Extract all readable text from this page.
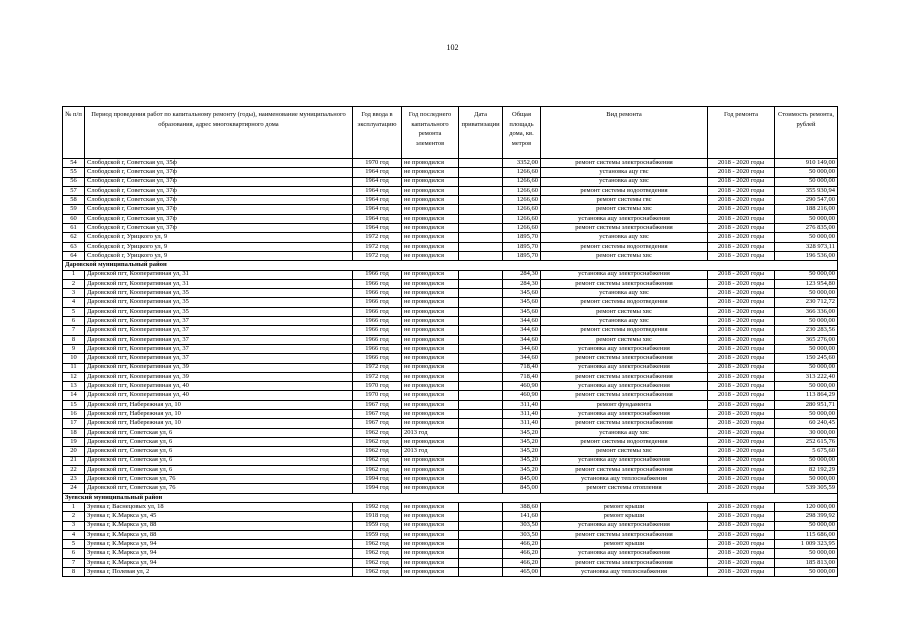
102
№ п/п	Период проведения работ по капитальному ремонту (годы), наименование муниципального образования, адрес многоквартирного дома	Год ввода в эксплуатацию	Год последнего капитального ремонта элементов	Дата приватизации	Общая площадь дома, кв. метров	Вид ремонта	Год ремонта	Стоимость ремонта, рублей
54	Слободской г, Советская ул, 35ф	1970 год	не проводился		3352,00	ремонт системы электроснабжения	2018 - 2020 годы	910 149,00
55	Слободской г, Советская ул, 37ф	1964 год	не проводился		1266,60	установка ацу гвс	2018 - 2020 годы	50 000,00
56	Слободской г, Советская ул, 37ф	1964 год	не проводился		1266,60	установка ацу хвс	2018 - 2020 годы	50 000,00
57	Слободской г, Советская ул, 37ф	1964 год	не проводился		1266,60	ремонт системы водоотведения	2018 - 2020 годы	355 930,94
58	Слободской г, Советская ул, 37ф	1964 год	не проводился		1266,60	ремонт системы гвс	2018 - 2020 годы	290 547,00
59	Слободской г, Советская ул, 37ф	1964 год	не проводился		1266,60	ремонт системы хвс	2018 - 2020 годы	188 216,00
60	Слободской г, Советская ул, 37ф	1964 год	не проводился		1266,60	установка ацу электроснабжения	2018 - 2020 годы	50 000,00
61	Слободской г, Советская ул, 37ф	1964 год	не проводился		1266,60	ремонт системы электроснабжения	2018 - 2020 годы	276 835,00
62	Слободской г, Урицкого ул, 9	1972 год	не проводился		1895,70	установка ацу хвс	2018 - 2020 годы	50 000,00
63	Слободской г, Урицкого ул, 9	1972 год	не проводился		1895,70	ремонт системы водоотведения	2018 - 2020 годы	328 973,11
64	Слободской г, Урицкого ул, 9	1972 год	не проводился		1895,70	ремонт системы хвс	2018 - 2020 годы	196 536,00
Даровской муниципальный район								
1	Даровской пгт, Кооперативная ул, 31	1966 год	не проводился		284,30	установка ацу электроснабжения	2018 - 2020 годы	50 000,00
2	Даровской пгт, Кооперативная ул, 31	1966 год	не проводился		284,30	ремонт системы электроснабжения	2018 - 2020 годы	123 954,80
3	Даровской пгт, Кооперативная ул, 35	1966 год	не проводился		345,60	установка ацу хвс	2018 - 2020 годы	50 000,00
4	Даровской пгт, Кооперативная ул, 35	1966 год	не проводился		345,60	ремонт системы водоотведения	2018 - 2020 годы	230 712,72
5	Даровской пгт, Кооперативная ул, 35	1966 год	не проводился		345,60	ремонт системы хвс	2018 - 2020 годы	366 336,00
6	Даровской пгт, Кооперативная ул, 37	1966 год	не проводился		344,60	установка ацу хвс	2018 - 2020 годы	50 000,00
7	Даровской пгт, Кооперативная ул, 37	1966 год	не проводился		344,60	ремонт системы водоотведения	2018 - 2020 годы	230 283,56
8	Даровской пгт, Кооперативная ул, 37	1966 год	не проводился		344,60	ремонт системы хвс	2018 - 2020 годы	365 276,00
9	Даровской пгт, Кооперативная ул, 37	1966 год	не проводился		344,60	установка ацу электроснабжения	2018 - 2020 годы	50 000,00
10	Даровской пгт, Кооперативная ул, 37	1966 год	не проводился		344,60	ремонт системы электроснабжения	2018 - 2020 годы	150 245,60
11	Даровской пгт, Кооперативная ул, 39	1972 год	не проводился		718,40	установка ацу электроснабжения	2018 - 2020 годы	50 000,00
12	Даровской пгт, Кооперативная ул, 39	1972 год	не проводился		718,40	ремонт системы электроснабжения	2018 - 2020 годы	313 222,40
13	Даровской пгт, Кооперативная ул, 40	1970 год	не проводился		460,90	установка ацу электроснабжения	2018 - 2020 годы	50 000,00
14	Даровской пгт, Кооперативная ул, 40	1970 год	не проводился		460,90	ремонт системы электроснабжения	2018 - 2020 годы	113 864,29
15	Даровской пгт, Набережная ул, 10	1967 год	не проводился		311,40	ремонт фундамента	2018 - 2020 годы	280 951,71
16	Даровской пгт, Набережная ул, 10	1967 год	не проводился		311,40	установка ацу электроснабжения	2018 - 2020 годы	50 000,00
17	Даровской пгт, Набережная ул, 10	1967 год	не проводился		311,40	ремонт системы электроснабжения	2018 - 2020 годы	60 240,45
18	Даровской пгт, Советская ул, 6	1962 год	2013 год		345,20	установка ацу хвс	2018 - 2020 годы	30 000,00
19	Даровской пгт, Советская ул, 6	1962 год	не проводился		345,20	ремонт системы водоотведения	2018 - 2020 годы	252 615,76
20	Даровской пгт, Советская ул, 6	1962 год	2013 год		345,20	ремонт системы хвс	2018 - 2020 годы	5 675,60
21	Даровской пгт, Советская ул, 6	1962 год	не проводился		345,20	установка ацу электроснабжения	2018 - 2020 годы	50 000,00
22	Даровской пгт, Советская ул, 6	1962 год	не проводился		345,20	ремонт системы электроснабжения	2018 - 2020 годы	82 192,29
23	Даровской пгт, Советская ул, 76	1994 год	не проводился		845,00	установка ацу теплоснабжения	2018 - 2020 годы	50 000,00
24	Даровской пгт, Советская ул, 76	1994 год	не проводился		845,00	ремонт системы отопления	2018 - 2020 годы	539 305,59
Зуевский муниципальный район								
1	Зуевка г, Васнецовых ул, 18	1992 год	не проводился		388,60	ремонт крыши	2018 - 2020 годы	120 000,00
2	Зуевка г, К.Маркса ул, 45	1918 год	не проводился		141,60	ремонт крыши	2018 - 2020 годы	298 399,92
3	Зуевка г, К.Маркса ул, 88	1959 год	не проводился		303,50	установка ацу электроснабжения	2018 - 2020 годы	50 000,00
4	Зуевка г, К.Маркса ул, 88	1959 год	не проводился		303,50	ремонт системы электроснабжения	2018 - 2020 годы	115 686,00
5	Зуевка г, К.Маркса ул, 94	1962 год	не проводился		466,20	ремонт крыши	2018 - 2020 годы	1 009 323,95
6	Зуевка г, К.Маркса ул, 94	1962 год	не проводился		466,20	установка ацу электроснабжения	2018 - 2020 годы	50 000,00
7	Зуевка г, К.Маркса ул, 94	1962 год	не проводился		466,20	ремонт системы электроснабжения	2018 - 2020 годы	185 813,00
8	Зуевка г, Полевая ул, 2	1962 год	не проводился		465,00	установка ацу теплоснабжения	2018 - 2020 годы	50 000,00
